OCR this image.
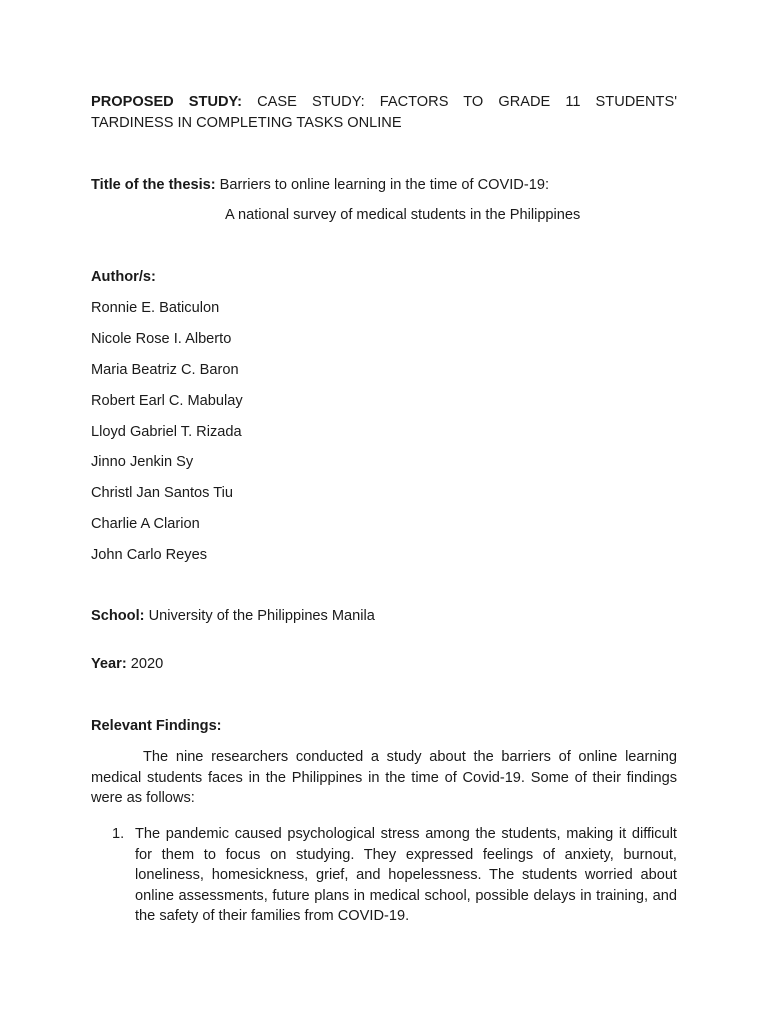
PROPOSED STUDY: CASE STUDY: FACTORS TO GRADE 11 STUDENTS'
TARDINESS IN COMPLETING TASKS ONLINE
Title of the thesis: Barriers to online learning in the time of COVID-19:
A national survey of medical students in the Philippines
Author/s:
Ronnie E. Baticulon
Nicole Rose I. Alberto
Maria Beatriz C. Baron
Robert Earl C. Mabulay
Lloyd Gabriel T. Rizada
Jinno Jenkin Sy
Christl Jan Santos Tiu
Charlie A Clarion
John Carlo Reyes
School: University of the Philippines Manila
Year: 2020
Relevant Findings:
The nine researchers conducted a study about the barriers of online learning medical students faces in the Philippines in the time of Covid-19. Some of their findings were as follows:
1. The pandemic caused psychological stress among the students, making it difficult for them to focus on studying. They expressed feelings of anxiety, burnout, loneliness, homesickness, grief, and hopelessness. The students worried about online assessments, future plans in medical school, possible delays in training, and the safety of their families from COVID-19.
